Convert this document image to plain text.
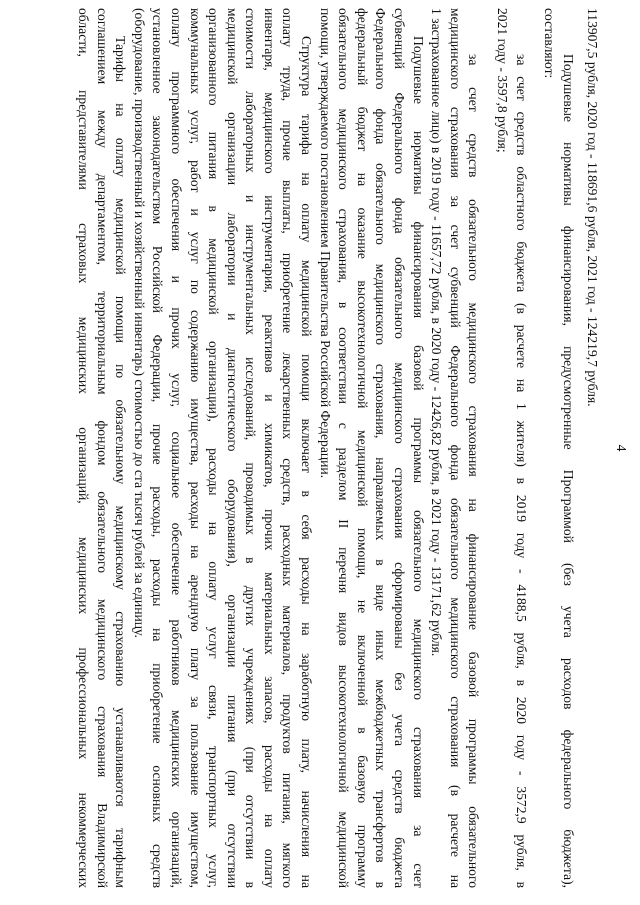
4
113907,5 рубля, 2020 год - 118691,6 рубля, 2021 год - 124219,7 рубля.
Подушевые нормативы финансирования, предусмотренные Программой (без учета расходов федерального бюджета),
составляют:
за счет средств областного бюджета (в расчете на 1 жителя) в 2019 году - 4188,5 рубля, в 2020 году - 3572,9 рубля, в
2021 году - 3597,8 рубля;
за счет средств обязательного медицинского страхования на финансирование базовой программы обязательного
медицинского страхования за счет субвенций Федерального фонда обязательного медицинского страхования (в расчете на
1 застрахованное лицо) в 2019 году - 11657,72 рубля, в 2020 году - 12426,82 рубля, в 2021 году - 13171,62 рубля.
Подушевые нормативы финансирования базовой программы обязательного медицинского страхования за счет
субвенций Федерального фонда обязательного медицинского страхования сформированы без учета средств бюджета
Федерального фонда обязательного медицинского страхования, направляемых в виде иных межбюджетных трансфертов в
федеральный бюджет на оказание высокотехнологичной медицинской помощи, не включенной в базовую программу
обязательного медицинского страхования, в соответствии с разделом II перечня видов высокотехнологичной медицинской
помощи, утверждаемого постановлением Правительства Российской Федерации.
Структура тарифа на оплату медицинской помощи включает в себя расходы на заработную плату, начисления на
оплату труда, прочие выплаты, приобретение лекарственных средств, расходных материалов, продуктов питания, мягкого
инвентаря, медицинского инструментария, реактивов и химикатов, прочих материальных запасов, расходы на оплату
стоимости лабораторных и инструментальных исследований, проводимых в других учреждениях (при отсутствии в
медицинской организации лаборатории и диагностического оборудования), организации питания (при отсутствии
организованного питания в медицинской организации), расходы на оплату услуг связи, транспортных услуг,
коммунальных услуг, работ и услуг по содержанию имущества, расходы на арендную плату за пользование имуществом,
оплату программного обеспечения и прочих услуг, социальное обеспечение работников медицинских организаций,
установленное законодательством Российской Федерации, прочие расходы, расходы на приобретение основных средств
(оборудование, производственный и хозяйственный инвентарь) стоимостью до ста тысяч рублей за единицу.
Тарифы на оплату медицинской помощи по обязательному медицинскому страхованию устанавливаются тарифным
соглашением между департаментом, территориальным фондом обязательного медицинского страхования Владимирской
области, представителями страховых медицинских организаций, медицинских профессиональных некоммерческих
